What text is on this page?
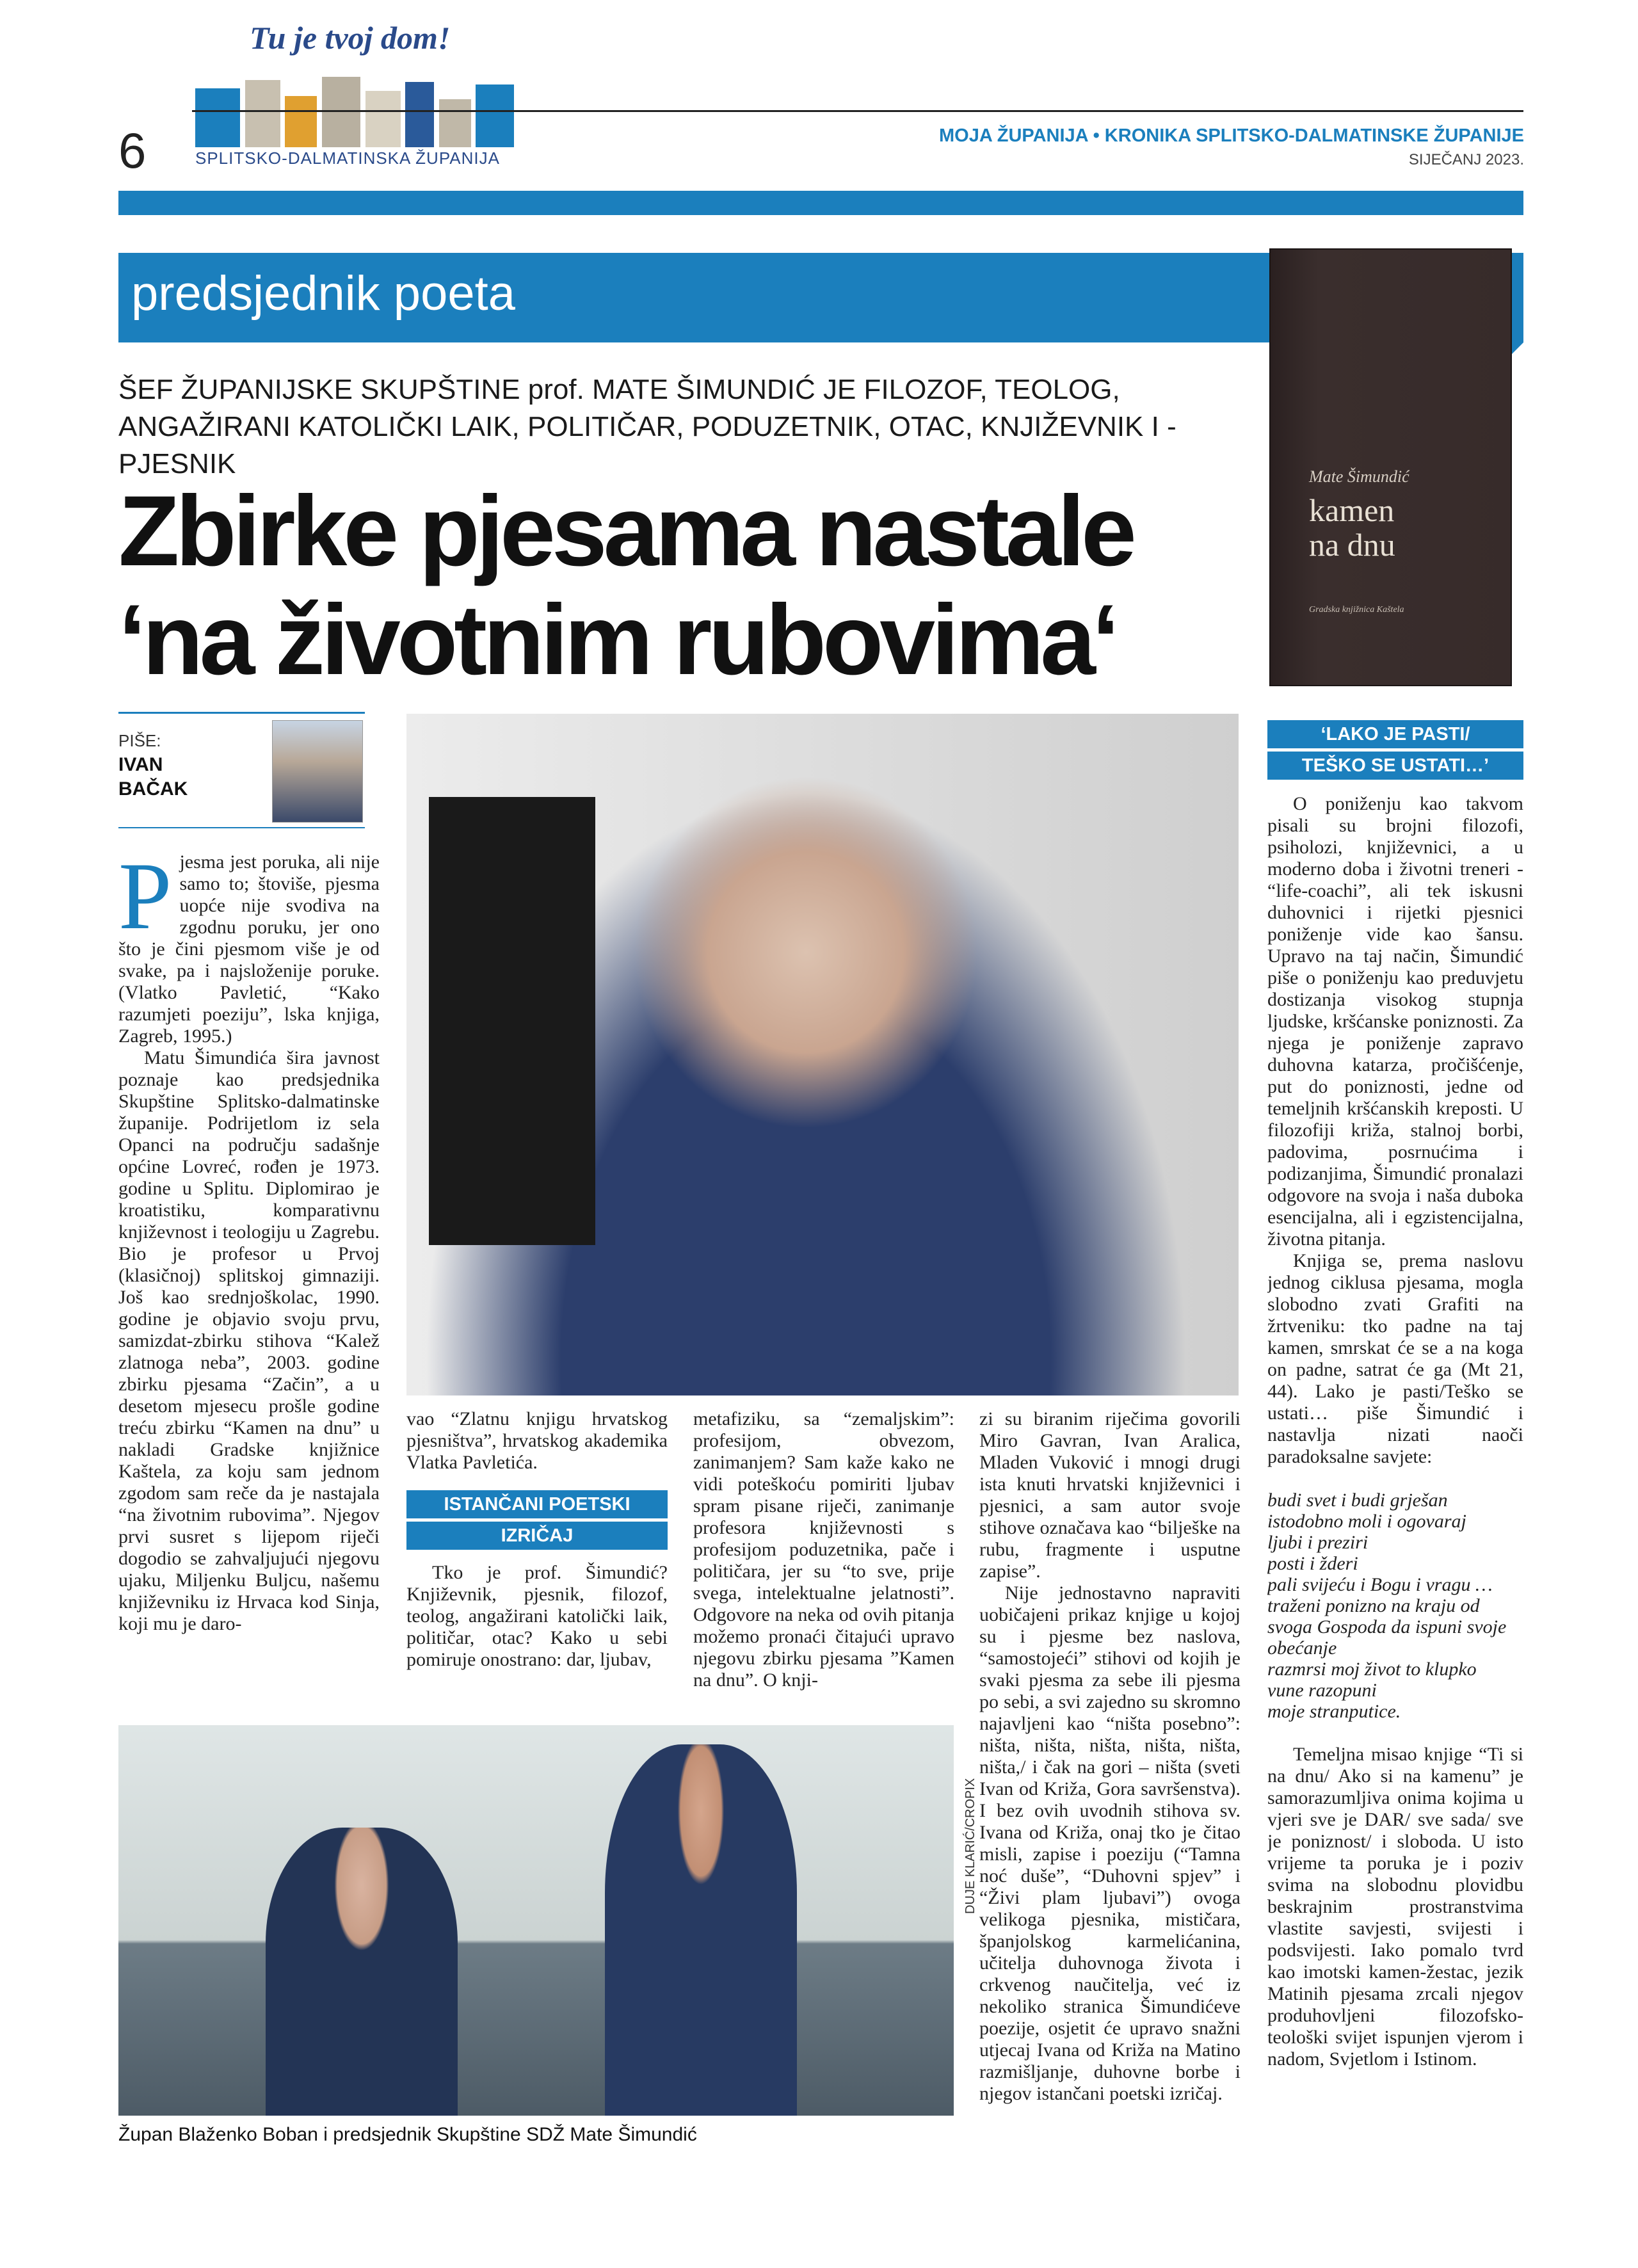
Tu je tvoj dom!
SPLITSKO-DALMATINSKA ŽUPANIJA
6	MOJA ŽUPANIJA • KRONIKA SPLITSKO-DALMATINSKE ŽUPANIJE
SIJEČANJ 2023.
predsjednik poeta
Mate Šimundić
kamen
na dnu
Gradska knjižnica Kaštela
ŠEF ŽUPANIJSKE SKUPŠTINE prof. MATE ŠIMUNDIĆ JE FILOZOF, TEOLOG, ANGAŽIRANI KATOLIČKI LAIK, POLITIČAR, PODUZETNIK, OTAC, KNJIŽEVNIK I - PJESNIK
Zbirke pjesama nastale ‘na životnim rubovima‘
PIŠE:
IVAN
BAČAK
DUJE KLARIĆ/CROPIX
Župan Blaženko Boban i predsjednik Skupštine SDŽ Mate Šimundić
P jesma jest poruka, ali nije samo to; štoviše, pjesma uopće nije svodiva na zgodnu poruku, jer ono što je čini pjesmom više je od svake, pa i najsloženije poruke. (Vlatko Pavletić, “Kako razumjeti poeziju”, lska knjiga, Zagreb, 1995.)

Matu Šimundića šira javnost poznaje kao predsjednika Skupštine Splitsko-dalmatinske županije. Podrijetlom iz sela Opanci na području sadašnje općine Lovreć, rođen je 1973. godine u Splitu. Diplomirao je kroatistiku, komparativnu književnost i teologiju u Zagrebu. Bio je profesor u Prvoj (klasičnoj) splitskoj gimnaziji. Još kao srednjoškolac, 1990. godine je objavio svoju prvu, samizdat-zbirku stihova “Kalež zlatnoga neba”, 2003. godine zbirku pjesama “Začin”, a u desetom mjesecu prošle godine treću zbirku “Kamen na dnu” u nakladi Gradske knjižnice Kaštela, za koju sam jednom zgodom sam reče da je nastajala “na životnim rubovima”. Njegov prvi susret s lijepom riječi dogodio se zahvaljujući njegovu ujaku, Miljenku Buljcu, našemu književniku iz Hrvaca kod Sinja, koji mu je daro-

vao “Zlatnu knjigu hrvatskog pjesništva”, hrvatskog akademika Vlatka Pavletića.

ISTANČANI POETSKI
IZRIČAJ

Tko je prof. Šimundić? Književnik, pjesnik, filozof, teolog, angažirani katolički laik, političar, otac? Kako u sebi pomiruje onostrano: dar, ljubav,

metafiziku, sa “zemaljskim”: profesijom, obvezom, zanimanjem? Sam kaže kako ne vidi poteškoću pomiriti ljubav spram pisane riječi, zanimanje profesora književnosti s profesijom poduzetnika, pače i političara, jer su “to sve, prije svega, intelektualne jelatnosti”. Odgovore na neka od ovih pitanja možemo pronaći čitajući upravo njegovu zbirku pjesama ”Kamen na dnu”. O knji-

zi su biranim riječima govorili Miro Gavran, Ivan Aralica, Mladen Vuković i mnogi drugi ista knuti hrvatski književnici i pjesnici, a sam autor svoje stihove označava kao “bilješke na rubu, fragmente i usputne zapise”.

Nije jednostavno napraviti uobičajeni prikaz knjige u kojoj su i pjesme bez naslova, “samostojeći” stihovi od kojih je svaki pjesma za sebe ili pjesma po sebi, a svi zajedno su skromno najavljeni kao “ništa posebno”: ništa, ništa, ništa, ništa, ništa, ništa,/ i čak na gori – ništa (sveti Ivan od Križa, Gora savršenstva). I bez ovih uvodnih stihova sv. Ivana od Križa, onaj tko je čitao misli, zapise i poeziju (“Tamna noć duše”, “Duhovni spjev” i “Živi plam ljubavi”) ovoga velikoga pjesnika, mističara, španjolskog karmelićanina, učitelja duhovnoga života i crkvenog naučitelja, već iz nekoliko stranica Šimundićeve poezije, osjetit će upravo snažni utjecaj Ivana od Križa na Matino razmišljanje, duhovne borbe i njegov istančani poetski izričaj.

‘LAKO JE PASTI/
TEŠKO SE USTATI…’

O poniženju kao takvom pisali su brojni filozofi, psiholozi, književnici, a u moderno doba i životni treneri - “life-coachi”, ali tek iskusni duhovnici i rijetki pjesnici poniženje vide kao šansu. Upravo na taj način, Šimundić piše o poniženju kao preduvjetu dostizanja visokog stupnja ljudske, kršćanske poniznosti. Za njega je poniženje zapravo duhovna katarza, pročišćenje, put do poniznosti, jedne od temeljnih kršćanskih kreposti. U filozofiji križa, stalnoj borbi, padovima, posrnućima i podizanjima, Šimundić pronalazi odgovore na svoja i naša duboka esencijalna, ali i egzistencijalna, životna pitanja.

Knjiga se, prema naslovu jednog ciklusa pjesama, mogla slobodno zvati Grafiti na žrtveniku: tko padne na taj kamen, smrskat će se a na koga on padne, satrat će ga (Mt 21, 44). Lako je pasti/Teško se ustati… piše Šimundić i nastavlja nizati naoči paradoksalne savjete:

budi svet i budi grješan
istodobno moli i ogovaraj
ljubi i preziri
posti i žderi
pali svijeću i Bogu i vragu …
traženi ponizno na kraju od
svoga Gospoda da ispuni svoje
obećanje
razmrsi moj život to klupko
vune razopuni
moje stranputice.

Temeljna misao knjige “Ti si na dnu/ Ako si na kamenu” je samorazumljiva onima kojima u vjeri sve je DAR/ sve sada/ sve je poniznost/ i sloboda. U isto vrijeme ta poruka je i poziv svima na slobodnu plovidbu beskrajnim prostranstvima vlastite savjesti, svijesti i podsvijesti. Iako pomalo tvrd kao imotski kamen-žestac, jezik Matinih pjesama zrcali njegov produhovljeni filozofsko-teološki svijet ispunjen vjerom i nadom, Svjetlom i Istinom.
